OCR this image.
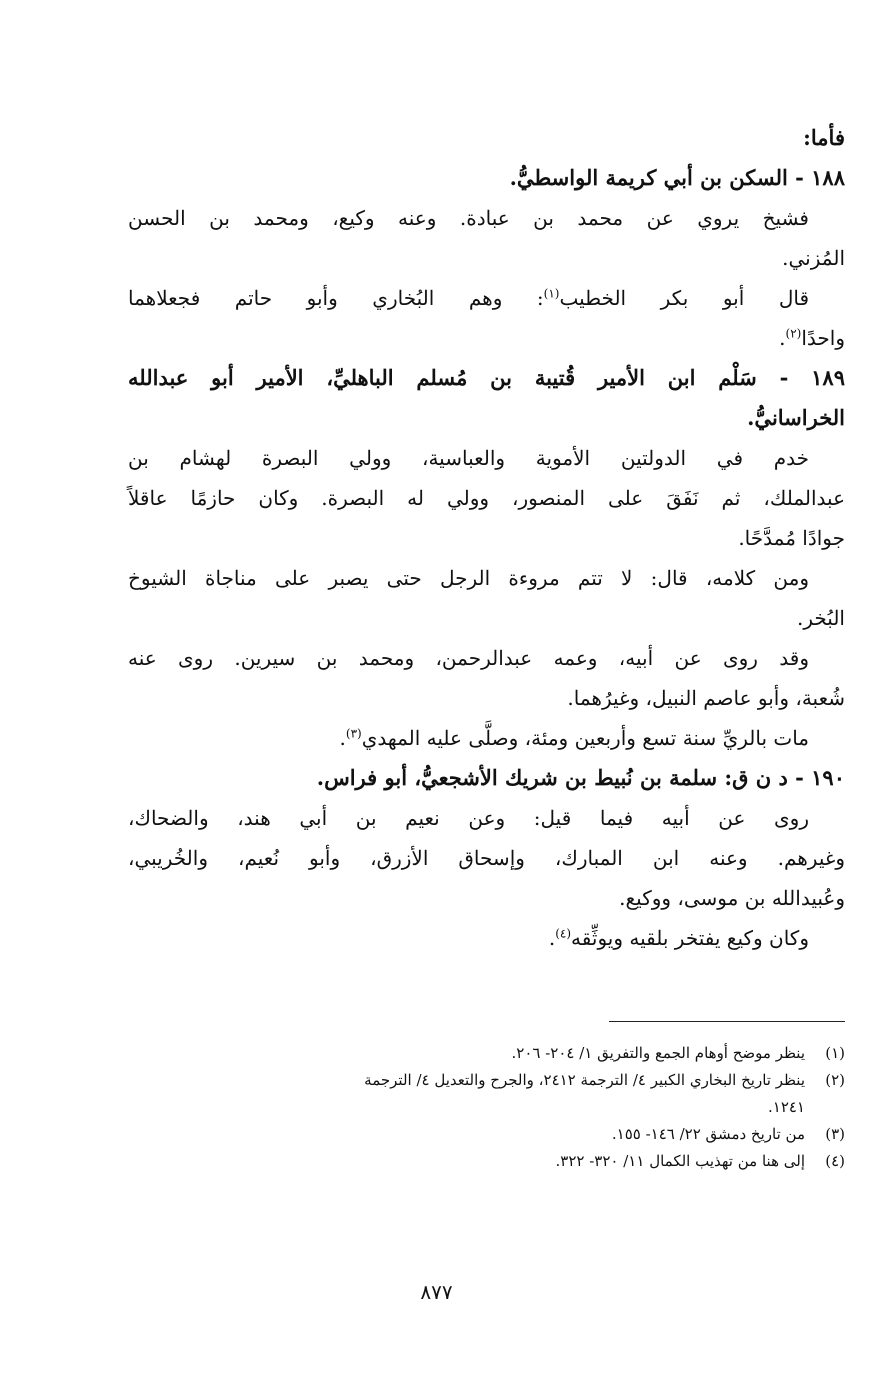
فأما:
١٨٨ - السكن بن أبي كريمة الواسطيُّ.
فشيخ يروي عن محمد بن عبادة. وعنه وكيع، ومحمد بن الحسن
المُزني.
قال أبو بكر الخطيب$^{(١)}$: وهم البُخاري وأبو حاتم فجعلاهما
واحدًا$^{(٢)}$.
١٨٩ - سَلْم ابن الأمير قُتيبة بن مُسلم الباهليِّ، الأمير أبو عبدالله
الخراسانيُّ.
خدم في الدولتين الأموية والعباسية، وولي البصرة لهشام بن
عبدالملك، ثم نَفَقَ على المنصور، وولي له البصرة. وكان حازمًا عاقلاً
جوادًا مُمدَّحًا.
ومن كلامه، قال: لا تتم مروءة الرجل حتى يصبر على مناجاة الشيوخ
البُخر.
وقد روى عن أبيه، وعمه عبدالرحمن، ومحمد بن سيرين. روى عنه
شُعبة، وأبو عاصم النبيل، وغيرُهما.
مات بالريِّ سنة تسع وأربعين ومئة، وصلَّى عليه المهدي$^{(٣)}$.
١٩٠ - د ن ق: سلمة بن نُبيط بن شريك الأشجعيُّ، أبو فراس.
روى عن أبيه فيما قيل: وعن نعيم بن أبي هند، والضحاك،
وغيرهم. وعنه ابن المبارك، وإسحاق الأزرق، وأبو نُعيم، والخُريبي،
وعُبيدالله بن موسى، ووكيع.
وكان وكيع يفتخر بلقيه ويوثِّقه$^{(٤)}$.
(١)ينظر موضح أوهام الجمع والتفريق ١/ ٢٠٤- ٢٠٦.
(٢)ينظر تاريخ البخاري الكبير ٤/ الترجمة ٢٤١٢، والجرح والتعديل ٤/ الترجمة
١٢٤١.
(٣)من تاريخ دمشق ٢٢/ ١٤٦- ١٥٥.
(٤)إلى هنا من تهذيب الكمال ١١/ ٣٢٠- ٣٢٢.
٨٧٧
